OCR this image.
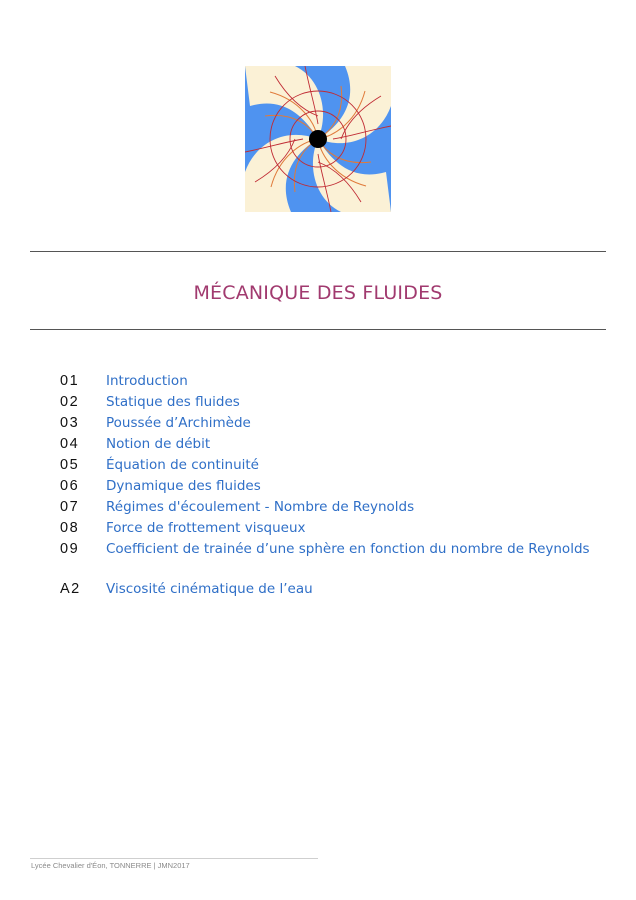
MÉCANIQUE DES FLUIDES
01	Introduction
02	Statique des fluides
03	Poussée d’Archimède
04	Notion de débit
05	Équation de continuité
06	Dynamique des fluides
07	Régimes d'écoulement - Nombre de Reynolds
08	Force de frottement visqueux
09	Coefficient de trainée d’une sphère en fonction du nombre de Reynolds
A2	Viscosité cinématique de l’eau
Lycée Chevalier d'Éon, TONNERRE | JMN2017
